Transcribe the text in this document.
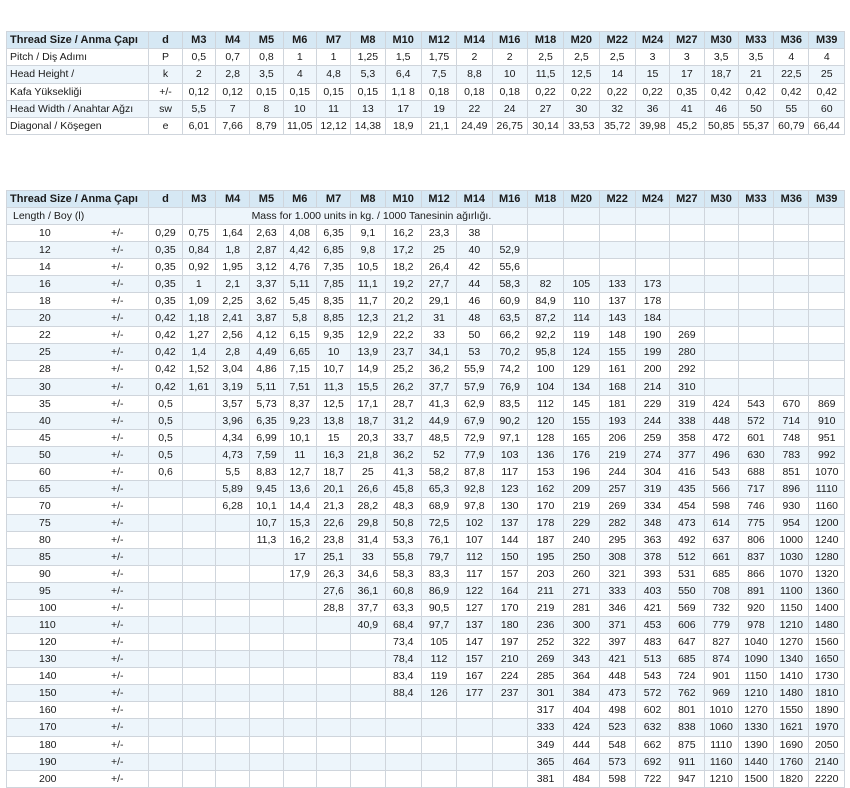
Thread Size / Anma Çapı	d	M3	M4	M5	M6	M7	M8	M10	M12	M14	M16	M18	M20	M22	M24	M27	M30	M33	M36	M39
Pitch / Diş Adımı	P	0,5	0,7	0,8	1	1	1,25	1,5	1,75	2	2	2,5	2,5	2,5	3	3	3,5	3,5	4	4
Head Height /	k	2	2,8	3,5	4	4,8	5,3	6,4	7,5	8,8	10	11,5	12,5	14	15	17	18,7	21	22,5	25
Kafa Yüksekliği	+/-	0,12	0,12	0,15	0,15	0,15	0,15	1,1 8	0,18	0,18	0,18	0,22	0,22	0,22	0,22	0,35	0,42	0,42	0,42	0,42
Head Width / Anahtar Ağzı	sw	5,5	7	8	10	11	13	17	19	22	24	27	30	32	36	41	46	50	55	60
Diagonal / Köşegen	e	6,01	7,66	8,79	11,05	12,12	14,38	18,9	21,1	24,49	26,75	30,14	33,53	35,72	39,98	45,2	50,85	55,37	60,79	66,44
Thread Size / Anma Çapı	d	M3	M4	M5	M6	M7	M8	M10	M12	M14	M16	M18	M20	M22	M24	M27	M30	M33	M36	M39
Length / Boy (l)			Mass for 1.000 units in kg. / 1000 Tanesinin ağırlığı.																	

10 +/-	0,29	0,75	1,64	2,63	4,08	6,35	9,1	16,2	23,3	38										

12 +/-	0,35	0,84	1,8	2,87	4,42	6,85	9,8	17,2	25	40	52,9									

14 +/-	0,35	0,92	1,95	3,12	4,76	7,35	10,5	18,2	26,4	42	55,6									

16 +/-	0,35	1	2,1	3,37	5,11	7,85	11,1	19,2	27,7	44	58,3	82	105	133	173					

18 +/-	0,35	1,09	2,25	3,62	5,45	8,35	11,7	20,2	29,1	46	60,9	84,9	110	137	178					

20 +/-	0,42	1,18	2,41	3,87	5,8	8,85	12,3	21,2	31	48	63,5	87,2	114	143	184					

22 +/-	0,42	1,27	2,56	4,12	6,15	9,35	12,9	22,2	33	50	66,2	92,2	119	148	190	269				

25 +/-	0,42	1,4	2,8	4,49	6,65	10	13,9	23,7	34,1	53	70,2	95,8	124	155	199	280				

28 +/-	0,42	1,52	3,04	4,86	7,15	10,7	14,9	25,2	36,2	55,9	74,2	100	129	161	200	292				

30 +/-	0,42	1,61	3,19	5,11	7,51	11,3	15,5	26,2	37,7	57,9	76,9	104	134	168	214	310				

35 +/-	0,5		3,57	5,73	8,37	12,5	17,1	28,7	41,3	62,9	83,5	112	145	181	229	319	424	543	670	869

40 +/-	0,5		3,96	6,35	9,23	13,8	18,7	31,2	44,9	67,9	90,2	120	155	193	244	338	448	572	714	910

45 +/-	0,5		4,34	6,99	10,1	15	20,3	33,7	48,5	72,9	97,1	128	165	206	259	358	472	601	748	951

50 +/-	0,5		4,73	7,59	11	16,3	21,8	36,2	52	77,9	103	136	176	219	274	377	496	630	783	992

60 +/-	0,6		5,5	8,83	12,7	18,7	25	41,3	58,2	87,8	117	153	196	244	304	416	543	688	851	1070

65 +/-			5,89	9,45	13,6	20,1	26,6	45,8	65,3	92,8	123	162	209	257	319	435	566	717	896	1110

70 +/-			6,28	10,1	14,4	21,3	28,2	48,3	68,9	97,8	130	170	219	269	334	454	598	746	930	1160

75 +/-				10,7	15,3	22,6	29,8	50,8	72,5	102	137	178	229	282	348	473	614	775	954	1200

80 +/-				11,3	16,2	23,8	31,4	53,3	76,1	107	144	187	240	295	363	492	637	806	1000	1240

85 +/-					17	25,1	33	55,8	79,7	112	150	195	250	308	378	512	661	837	1030	1280

90 +/-					17,9	26,3	34,6	58,3	83,3	117	157	203	260	321	393	531	685	866	1070	1320

95 +/-						27,6	36,1	60,8	86,9	122	164	211	271	333	403	550	708	891	1100	1360

100 +/-						28,8	37,7	63,3	90,5	127	170	219	281	346	421	569	732	920	1150	1400

110 +/-							40,9	68,4	97,7	137	180	236	300	371	453	606	779	978	1210	1480

120 +/-								73,4	105	147	197	252	322	397	483	647	827	1040	1270	1560

130 +/-								78,4	112	157	210	269	343	421	513	685	874	1090	1340	1650

140 +/-								83,4	119	167	224	285	364	448	543	724	901	1150	1410	1730

150 +/-								88,4	126	177	237	301	384	473	572	762	969	1210	1480	1810

160 +/-												317	404	498	602	801	1010	1270	1550	1890

170 +/-												333	424	523	632	838	1060	1330	1621	1970

180 +/-												349	444	548	662	875	1110	1390	1690	2050

190 +/-												365	464	573	692	911	1160	1440	1760	2140

200 +/-												381	484	598	722	947	1210	1500	1820	2220
